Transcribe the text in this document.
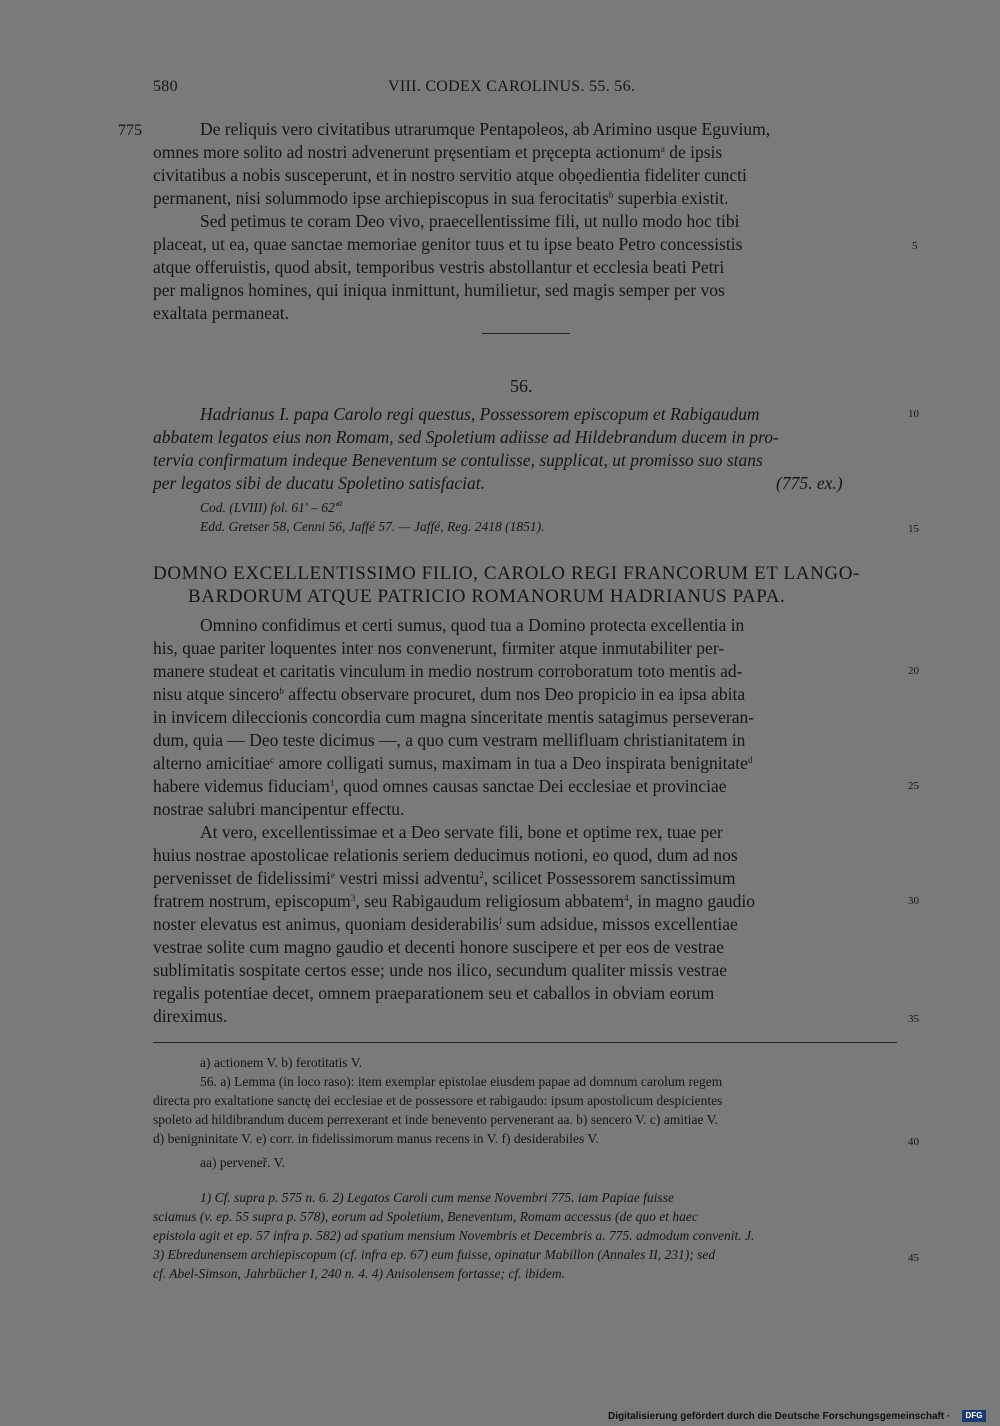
580	VIII. CODEX CAROLINUS. 55. 56.
775	De reliquis vero civitatibus utrarumque Pentapoleos, ab Arimino usque Eguvium,
omnes more solito ad nostri advenerunt pręsentiam et pręcepta actionum$^a$ de ipsis
civitatibus a nobis susceperunt, et in nostro servitio atque obọedientia fideliter cuncti
permanent, nisi solummodo ipse archiepiscopus in sua ferocitatis$^b$ superbia existit.
Sed petimus te coram Deo vivo, praecellentissime fili, ut nullo modo hoc tibi
placeat, ut ea, quae sanctae memoriae genitor tuus et tu ipse beato Petro concessistis
atque offeruistis, quod absit, temporibus vestris abstollantur et ecclesia beati Petri
per malignos homines, qui iniqua inmittunt, humilietur, sed magis semper per vos
exaltata permaneat.
56.
Hadrianus I. papa Carolo regi questus, Possessorem episcopum et Rabigaudum
abbatem legatos eius non Romam, sed Spoletium adiisse ad Hildebrandum ducem in pro-
tervia confirmatum indeque Beneventum se contulisse, supplicat, ut promisso suo stans
per legatos sibi de ducatu Spoletino satisfaciat.	(775. ex.)
Cod. (LVIII) fol. $61' - 62'^a$
Edd. Gretser 58, Cenni 56, Jaffé 57. — Jaffé, Reg. 2418 (1851).
DOMNO EXCELLENTISSIMO FILIO, CAROLO REGI FRANCORUM ET LANGO-
BARDORUM ATQUE PATRICIO ROMANORUM HADRIANUS PAPA.
Omnino confidimus et certi sumus, quod tua a Domino protecta excellentia in
his, quae pariter loquentes inter nos convenerunt, firmiter atque inmutabiliter per-
manere studeat et caritatis vinculum in medio nostrum corroboratum toto mentis ad-
nisu atque sincero$^b$ affectu observare procuret, dum nos Deo propicio in ea ipsa abita
in invicem dileccionis concordia cum magna sinceritate mentis satagimus perseveran-
dum, quia — Deo teste dicimus —, a quo cum vestram mellifluam christianitatem in
alterno amicitiae$^c$ amore colligati sumus, maximam in tua a Deo inspirata benignitate$^d$
habere videmus fiduciam$^1$, quod omnes causas sanctae Dei ecclesiae et provinciae
nostrae salubri mancipentur effectu.
At vero, excellentissimae et a Deo servate fili, bone et optime rex, tuae per
huius nostrae apostolicae relationis seriem deducimus notioni, eo quod, dum ad nos
pervenisset de fidelissimi$^e$ vestri missi adventu$^2$, scilicet Possessorem sanctissimum
fratrem nostrum, episcopum$^3$, seu Rabigaudum religiosum abbatem$^4$, in magno gaudio
noster elevatus est animus, quoniam desiderabilis$^f$ sum adsidue, missos excellentiae
vestrae solite cum magno gaudio et decenti honore suscipere et per eos de vestrae
sublimitatis sospitate certos esse; unde nos ilico, secundum qualiter missis vestrae
regalis potentiae decet, omnem praeparationem seu et caballos in obviam eorum
direximus.
a) actionem V. b) ferotitatis V.
56. a) Lemma (in loco raso): item exemplar epistolae eiusdem papae ad domnum carolum regem
directa pro exaltatione sanctę dei ecclesiae et de possessore et rabigaudo: ipsum apostolicum despicientes
spoleto ad hildibrandum ducem perrexerant et inde benevento pervenerant aa. b) sencero V. c) amitiae V.
d) benigninitate V. e) corr. in fidelissimorum manus recens in V. f) desiderabiles V.
aa) perveneř. V.
1) Cf. supra p. 575 n. 6. 2) Legatos Caroli cum mense Novembri 775. iam Papiae fuisse
sciamus (v. ep. 55 supra p. 578), eorum ad Spoletium, Beneventum, Romam accessus (de quo et haec
epistola agit et ep. 57 infra p. 582) ad spatium mensium Novembris et Decembris a. 775. admodum convenit. J.
3) Ebredunensem archiepiscopum (cf. infra ep. 67) eum fuisse, opinatur Mabillon (Annales II, 231); sed
cf. Abel-Simson, Jahrbücher I, 240 n. 4. 4) Anisolensem fortasse; cf. ibidem.
5
10
15
20
25
30
35
40
45
Digitalisierung gefördert durch die Deutsche Forschungsgemeinschaft ·	DFG
